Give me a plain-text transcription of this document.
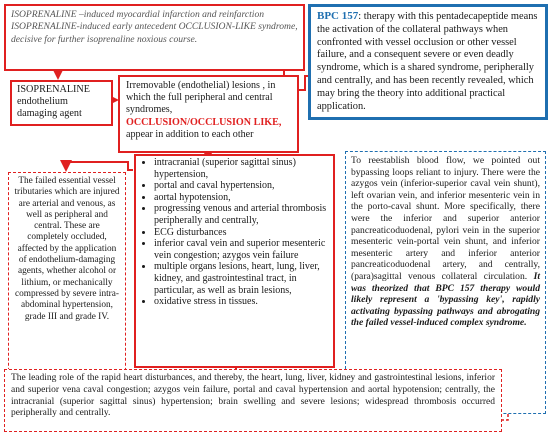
ISOPRENALINE –induced myocardial infarction and reinfarction
ISOPRENALINE-induced early antecedent OCCLUSION-LIKE syndrome, decisive for further isoprenaline noxious course.
BPC 157: therapy with this pentadecapeptide means the activation of the collateral pathways when confronted with vessel occlusion or other vessel failure, and a consequent severe or even deadly syndrome, which is a shared syndrome, peripherally and centrally, and has been recently revealed, which may bring the theory into additional practical application.
ISOPRENALINE
endothelium
damaging agent
Irremovable (endothelial) lesions , in which the full peripheral and central syndromes, OCCLUSION/OCCLUSION LIKE, appear in addition to each other
The failed essential vessel tributaries which are injured are arterial and venous, as well as peripheral and central. These are completely occluded, affected by the application of endothelium-damaging agents, whether alcohol or lithium, or mechanically compressed by severe intra-abdominal hypertension, grade III and grade IV.
• intracranial (superior sagittal sinus) hypertension,
• portal and caval hypertension,
• aortal hypotension,
• progressing venous and arterial thrombosis peripherally and centrally,
• ECG disturbances
• inferior caval vein and superior mesenteric vein congestion; azygos vein failure
• multiple organs lesions, heart, lung, liver, kidney, and gastrointestinal tract, in particular, as well as brain lesions,
• oxidative stress in tissues.
To reestablish blood flow, we pointed out bypassing loops reliant to injury. There were the azygos vein (inferior-superior caval vein shunt), left ovarian vein, and inferior mesenteric vein in the porto-caval shunt. More specifically, there were the inferior and superior anterior pancreaticoduodenal, pylori vein in the superior mesenteric vein-portal vein shunt, and inferior mesenteric artery and inferior anterior pancreaticoduodenal artery, and centrally, (para)sagittal venous collateral circulation. It was theorized that BPC 157 therapy would likely represent a 'bypassing key', rapidly activating bypassing pathways and abrogating the failed vessel-induced complex syndrome.
The leading role of the rapid heart disturbances, and thereby, the heart, lung, liver, kidney and gastrointestinal lesions, inferior and superior vena caval congestion; azygos vein failure, portal and caval hypertension and aortal hypotension; centrally, the intracranial (superior sagittal sinus) hypertension; brain swelling and severe lesions; widespread thrombosis occurred peripherally and centrally.
